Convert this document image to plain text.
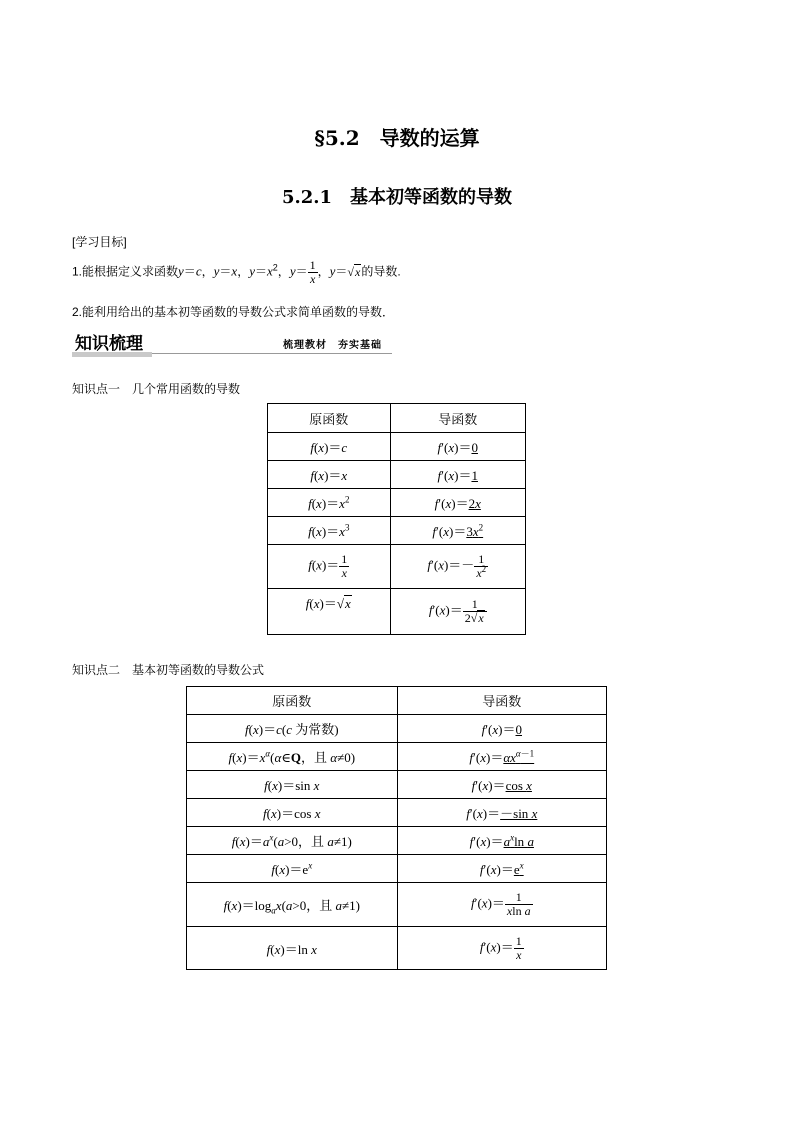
§5.2　导数的运算
5.2.1　基本初等函数的导数
[学习目标]
1.能根据定义求函数y＝c，y＝x，$y=x^2$，$y= \frac{1}{x}$ ，y＝√x的导数.
2.能利用给出的基本初等函数的导数公式求简单函数的导数．
知识梳理	梳理教材　夯实基础
知识点一　几个常用函数的导数
原函数	导函数
f(x)＝c	f′(x)＝0
f(x)＝x	f′(x)＝1
$f(x)=x^2$	f′(x)＝2x
$f(x)=x^3$	$f'(x)=3x^2$
$f(x)= \frac{1}{x}$	$f'(x)=- \frac{1}{x^2}$

f(x)＝√x	$f'(x)= \frac{1}{2√x}$
知识点二　基本初等函数的导数公式
原函数	导函数
f(x)＝c(c 为常数)	f′(x)＝0
$f(x)=x^\alpha(\alpha\in Q$，且 α≠0)	$f'(x)=\alpha x^{\alpha-1}$
f(x)＝sin x	f′(x)＝cos x
f(x)＝cos x	f′(x)＝－sin x
$f(x)=a^x(a>0$，且 a≠1)	$f'(x)=a^x\ln$ a
$f(x)=e^x$	$f'(x)=e^x$
$f(x)=\log_ax(a>0$，且 a≠1)	$f'(x)= \frac{1}{\text{xln a}}$

f(x)＝ln x	$f'(x)= \frac{1}{x}$
